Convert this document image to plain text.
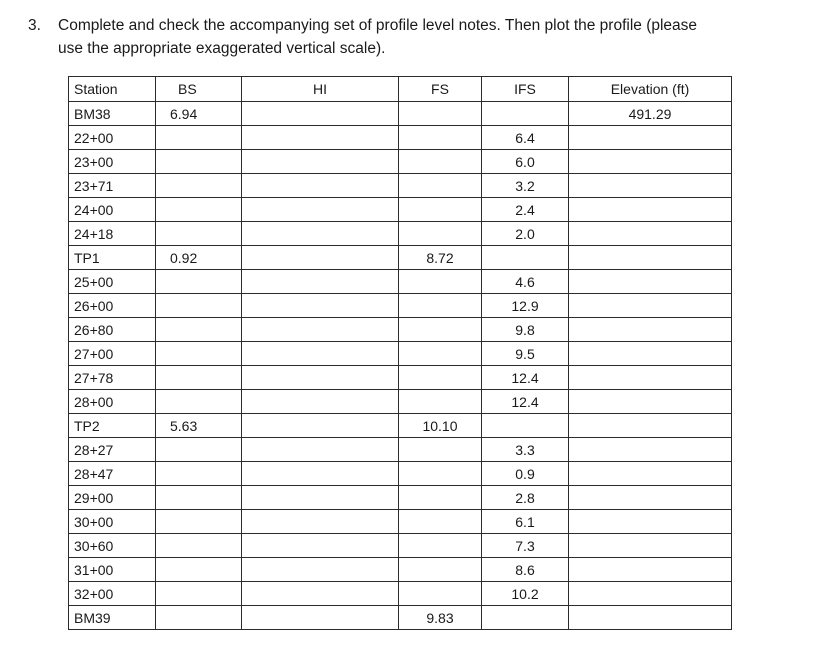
3. Complete and check the accompanying set of profile level notes. Then plot the profile (please
use the appropriate exaggerated vertical scale).
Station	BS	HI	FS	IFS	Elevation (ft)
BM38	6.94				491.29
22+00				6.4	
23+00				6.0	
23+71				3.2	
24+00				2.4	
24+18				2.0	
TP1	0.92		8.72		
25+00				4.6	
26+00				12.9	
26+80				9.8	
27+00				9.5	
27+78				12.4	
28+00				12.4	
TP2	5.63		10.10		
28+27				3.3	
28+47				0.9	
29+00				2.8	
30+00				6.1	
30+60				7.3	
31+00				8.6	
32+00				10.2	
BM39			9.83		
